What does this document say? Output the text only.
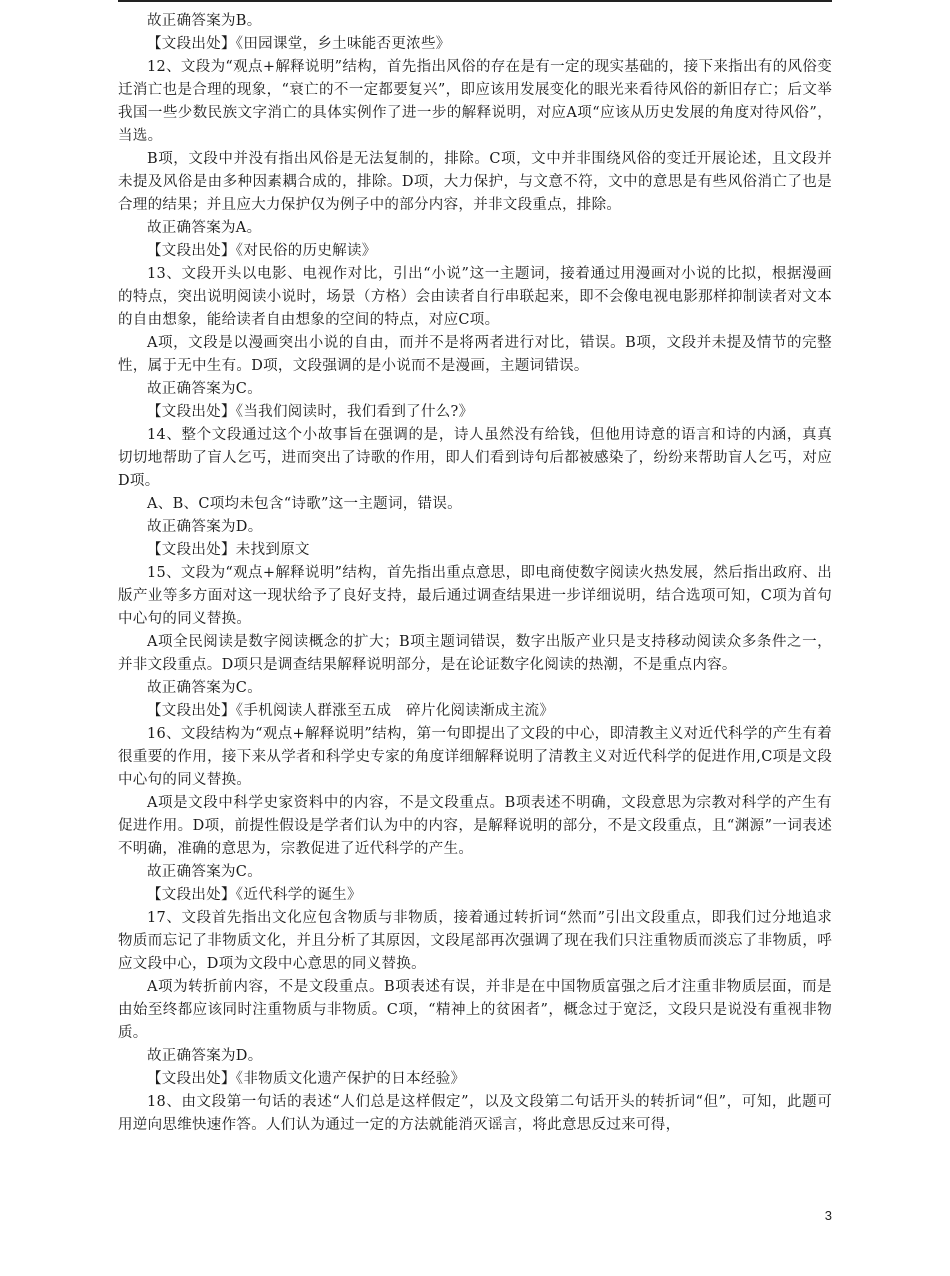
故正确答案为B。

【文段出处】《田园课堂，乡土味能否更浓些》

12、文段为“观点+解释说明”结构，首先指出风俗的存在是有一定的现实基础的，接下来指出有的风俗变迁消亡也是合理的现象，“衰亡的不一定都要复兴”，即应该用发展变化的眼光来看待风俗的新旧存亡；后文举我国一些少数民族文字消亡的具体实例作了进一步的解释说明，对应A项“应该从历史发展的角度对待风俗”，当选。

B项，文段中并没有指出风俗是无法复制的，排除。C项，文中并非围绕风俗的变迁开展论述，且文段并未提及风俗是由多种因素耦合成的，排除。D项，大力保护，与文意不符，文中的意思是有些风俗消亡了也是合理的结果；并且应大力保护仅为例子中的部分内容，并非文段重点，排除。

故正确答案为A。

【文段出处】《对民俗的历史解读》

13、文段开头以电影、电视作对比，引出“小说”这一主题词，接着通过用漫画对小说的比拟，根据漫画的特点，突出说明阅读小说时，场景（方格）会由读者自行串联起来，即不会像电视电影那样抑制读者对文本的自由想象，能给读者自由想象的空间的特点，对应C项。

A项，文段是以漫画突出小说的自由，而并不是将两者进行对比，错误。B项，文段并未提及情节的完整性，属于无中生有。D项，文段强调的是小说而不是漫画，主题词错误。

故正确答案为C。

【文段出处】《当我们阅读时，我们看到了什么?》

14、整个文段通过这个小故事旨在强调的是，诗人虽然没有给钱，但他用诗意的语言和诗的内涵，真真切切地帮助了盲人乞丐，进而突出了诗歌的作用，即人们看到诗句后都被感染了，纷纷来帮助盲人乞丐，对应D项。

A、B、C项均未包含“诗歌”这一主题词，错误。

故正确答案为D。

【文段出处】未找到原文

15、文段为“观点+解释说明”结构，首先指出重点意思，即电商使数字阅读火热发展，然后指出政府、出版产业等多方面对这一现状给予了良好支持，最后通过调查结果进一步详细说明，结合选项可知，C项为首句中心句的同义替换。

A项全民阅读是数字阅读概念的扩大；B项主题词错误，数字出版产业只是支持移动阅读众多条件之一，并非文段重点。D项只是调查结果解释说明部分，是在论证数字化阅读的热潮，不是重点内容。

故正确答案为C。

【文段出处】《手机阅读人群涨至五成　碎片化阅读渐成主流》

16、文段结构为“观点+解释说明”结构，第一句即提出了文段的中心，即清教主义对近代科学的产生有着很重要的作用，接下来从学者和科学史专家的角度详细解释说明了清教主义对近代科学的促进作用,C项是文段中心句的同义替换。

A项是文段中科学史家资料中的内容，不是文段重点。B项表述不明确，文段意思为宗教对科学的产生有促进作用。D项，前提性假设是学者们认为中的内容，是解释说明的部分，不是文段重点，且“渊源”一词表述不明确，准确的意思为，宗教促进了近代科学的产生。

故正确答案为C。

【文段出处】《近代科学的诞生》

17、文段首先指出文化应包含物质与非物质，接着通过转折词“然而”引出文段重点，即我们过分地追求物质而忘记了非物质文化，并且分析了其原因，文段尾部再次强调了现在我们只注重物质而淡忘了非物质，呼应文段中心，D项为文段中心意思的同义替换。

A项为转折前内容，不是文段重点。B项表述有误，并非是在中国物质富强之后才注重非物质层面，而是由始至终都应该同时注重物质与非物质。C项，“精神上的贫困者”，概念过于宽泛，文段只是说没有重视非物质。

故正确答案为D。

【文段出处】《非物质文化遗产保护的日本经验》

18、由文段第一句话的表述“人们总是这样假定”，以及文段第二句话开头的转折词“但”，可知，此题可用逆向思维快速作答。人们认为通过一定的方法就能消灭谣言，将此意思反过来可得，

3
